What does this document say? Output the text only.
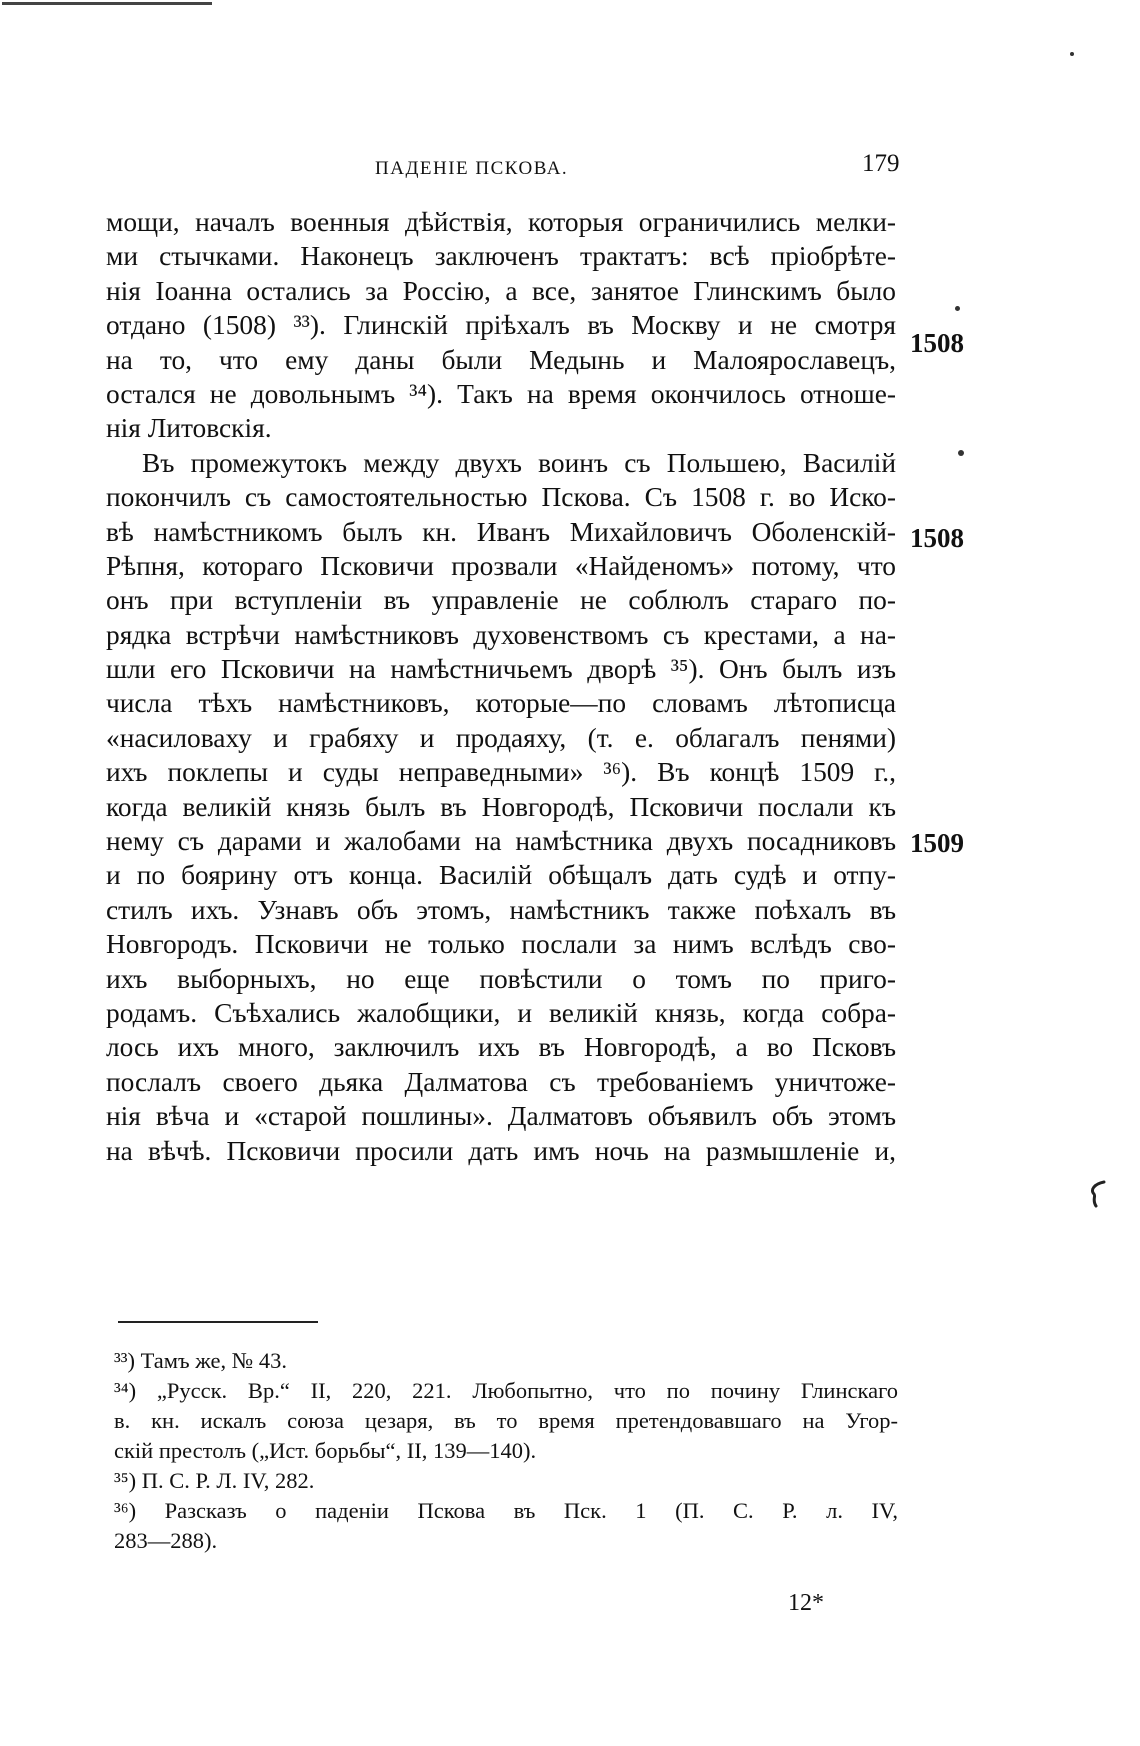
ПАДЕНІЕ ПСКОВА.	179
мощи, началъ военныя дѣйствія, которыя ограничились мелки-
ми стычками. Наконецъ заключенъ трактатъ: всѣ пріобрѣте-
нія Іоанна остались за Россію, а все, занятое Глинскимъ было
отдано (1508) ³³). Глинскій пріѣхалъ въ Москву и не смотря
на то, что ему даны были Медынь и Малоярославецъ,
остался не довольнымъ ³⁴). Такъ на время окончилось отноше-
нія Литовскія.
Въ промежутокъ между двухъ воинъ съ Польшею, Василій
покончилъ съ самостоятельностью Пскова. Съ 1508 г. во Иско-
вѣ намѣстникомъ былъ кн. Иванъ Михайловичъ Оболенскій-
Рѣпня, котораго Псковичи прозвали «Найденомъ» потому, что
онъ при вступленіи въ управленіе не соблюлъ стараго по-
рядка встрѣчи намѣстниковъ духовенствомъ съ крестами, а на-
шли его Псковичи на намѣстничьемъ дворѣ ³⁵). Онъ былъ изъ
числа тѣхъ намѣстниковъ, которые—по словамъ лѣтописца
«насиловаху и грабяху и продаяху, (т. е. облагалъ пенями)
ихъ поклепы и суды неправедными» ³⁶). Въ концѣ 1509 г.,
когда великій князь былъ въ Новгородѣ, Псковичи послали къ
нему съ дарами и жалобами на намѣстника двухъ посадниковъ
и по боярину отъ конца. Василій обѣщалъ дать судѣ и отпу-
стилъ ихъ. Узнавъ объ этомъ, намѣстникъ также поѣхалъ въ
Новгородъ. Псковичи не только послали за нимъ вслѣдъ сво-
ихъ выборныхъ, но еще повѣстили о томъ по приго-
родамъ. Съѣхались жалобщики, и великій князь, когда собра-
лось ихъ много, заключилъ ихъ въ Новгородѣ, а во Псковъ
послалъ своего дьяка Далматова съ требованіемъ уничтоже-
нія вѣча и «старой пошлины». Далматовъ объявилъ объ этомъ
на вѣчѣ. Псковичи просили дать имъ ночь на размышленіе и,
1508
1508
1509
³³) Тамъ же, № 43.
³⁴) „Русск. Вр.“ II, 220, 221. Любопытно, что по почину Глинскаго
в. кн. искалъ союза цезаря, въ то время претендовавшаго на Угор-
скій престолъ („Ист. борьбы“, II, 139—140).
³⁵) П. С. Р. Л. IV, 282.
³⁶) Разсказъ о паденіи Пскова въ Пск. 1 (П. С. Р. л. IV,
283—288).
12*
